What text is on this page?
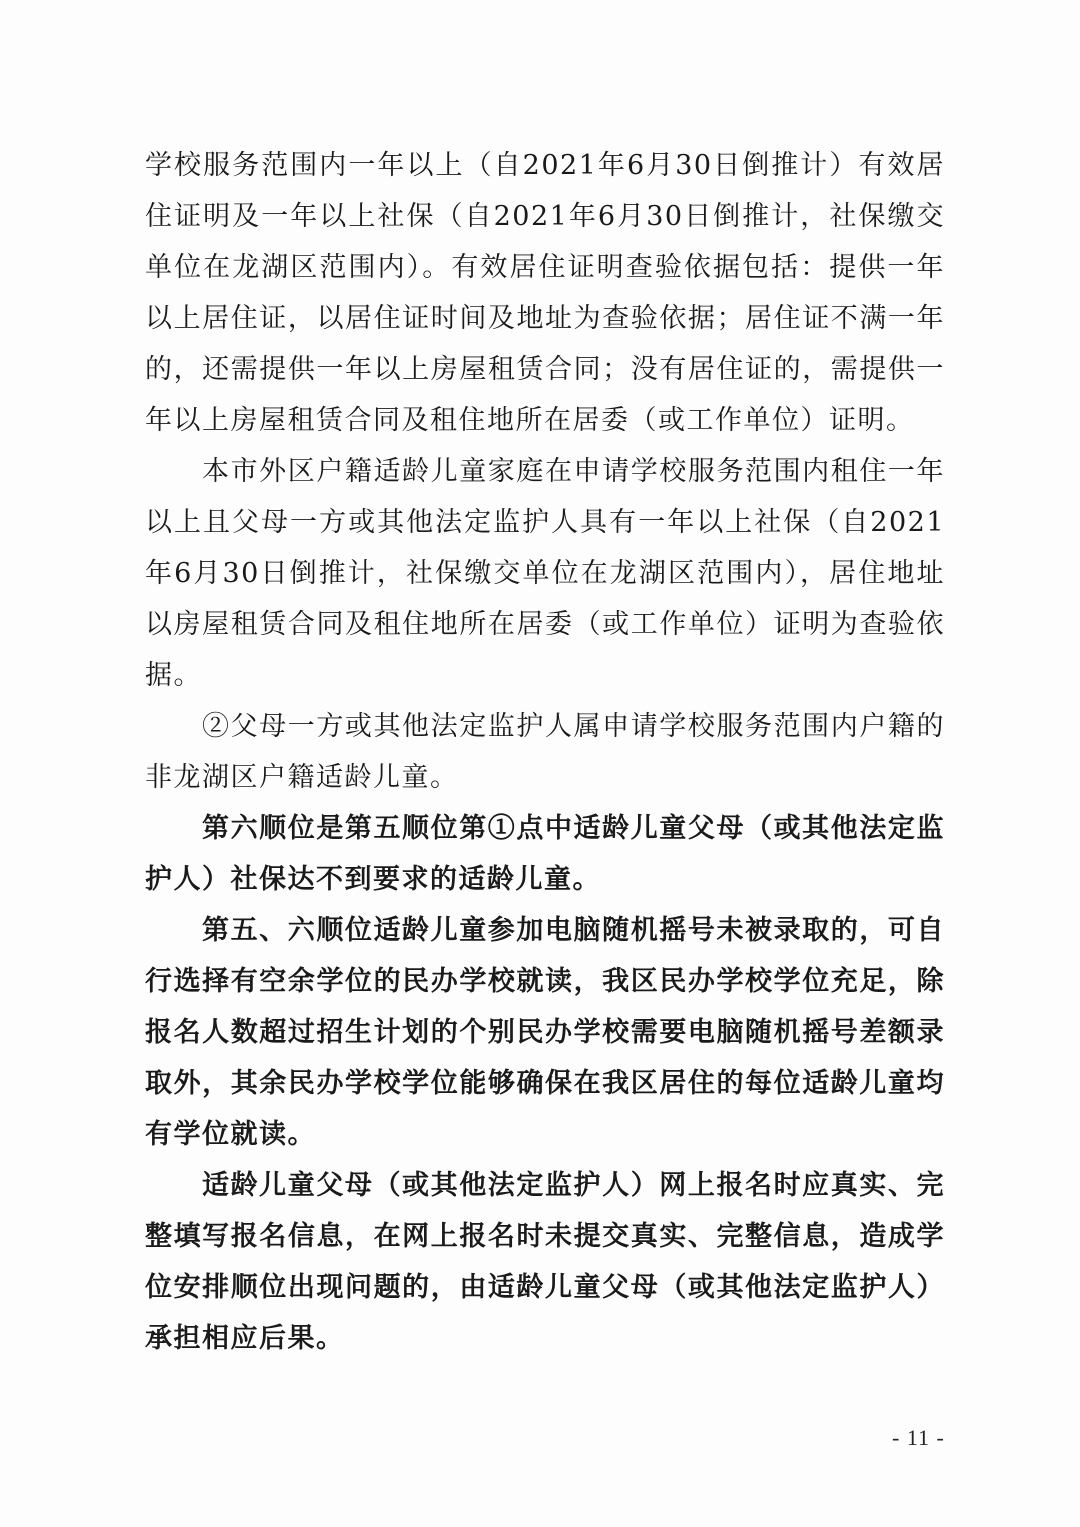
学校服务范围内一年以上（自2021年6月30日倒推计）有效居住证明及一年以上社保（自2021年6月30日倒推计，社保缴交单位在龙湖区范围内）。有效居住证明查验依据包括：提供一年以上居住证，以居住证时间及地址为查验依据；居住证不满一年的，还需提供一年以上房屋租赁合同；没有居住证的，需提供一年以上房屋租赁合同及租住地所在居委（或工作单位）证明。

本市外区户籍适龄儿童家庭在申请学校服务范围内租住一年以上且父母一方或其他法定监护人具有一年以上社保（自2021年6月30日倒推计，社保缴交单位在龙湖区范围内），居住地址以房屋租赁合同及租住地所在居委（或工作单位）证明为查验依据。

②父母一方或其他法定监护人属申请学校服务范围内户籍的非龙湖区户籍适龄儿童。

第六顺位是第五顺位第①点中适龄儿童父母（或其他法定监护人）社保达不到要求的适龄儿童。

第五、六顺位适龄儿童参加电脑随机摇号未被录取的，可自行选择有空余学位的民办学校就读，我区民办学校学位充足，除报名人数超过招生计划的个别民办学校需要电脑随机摇号差额录取外，其余民办学校学位能够确保在我区居住的每位适龄儿童均有学位就读。

适龄儿童父母（或其他法定监护人）网上报名时应真实、完整填写报名信息，在网上报名时未提交真实、完整信息，造成学位安排顺位出现问题的，由适龄儿童父母（或其他法定监护人）承担相应后果。

- 11 -
